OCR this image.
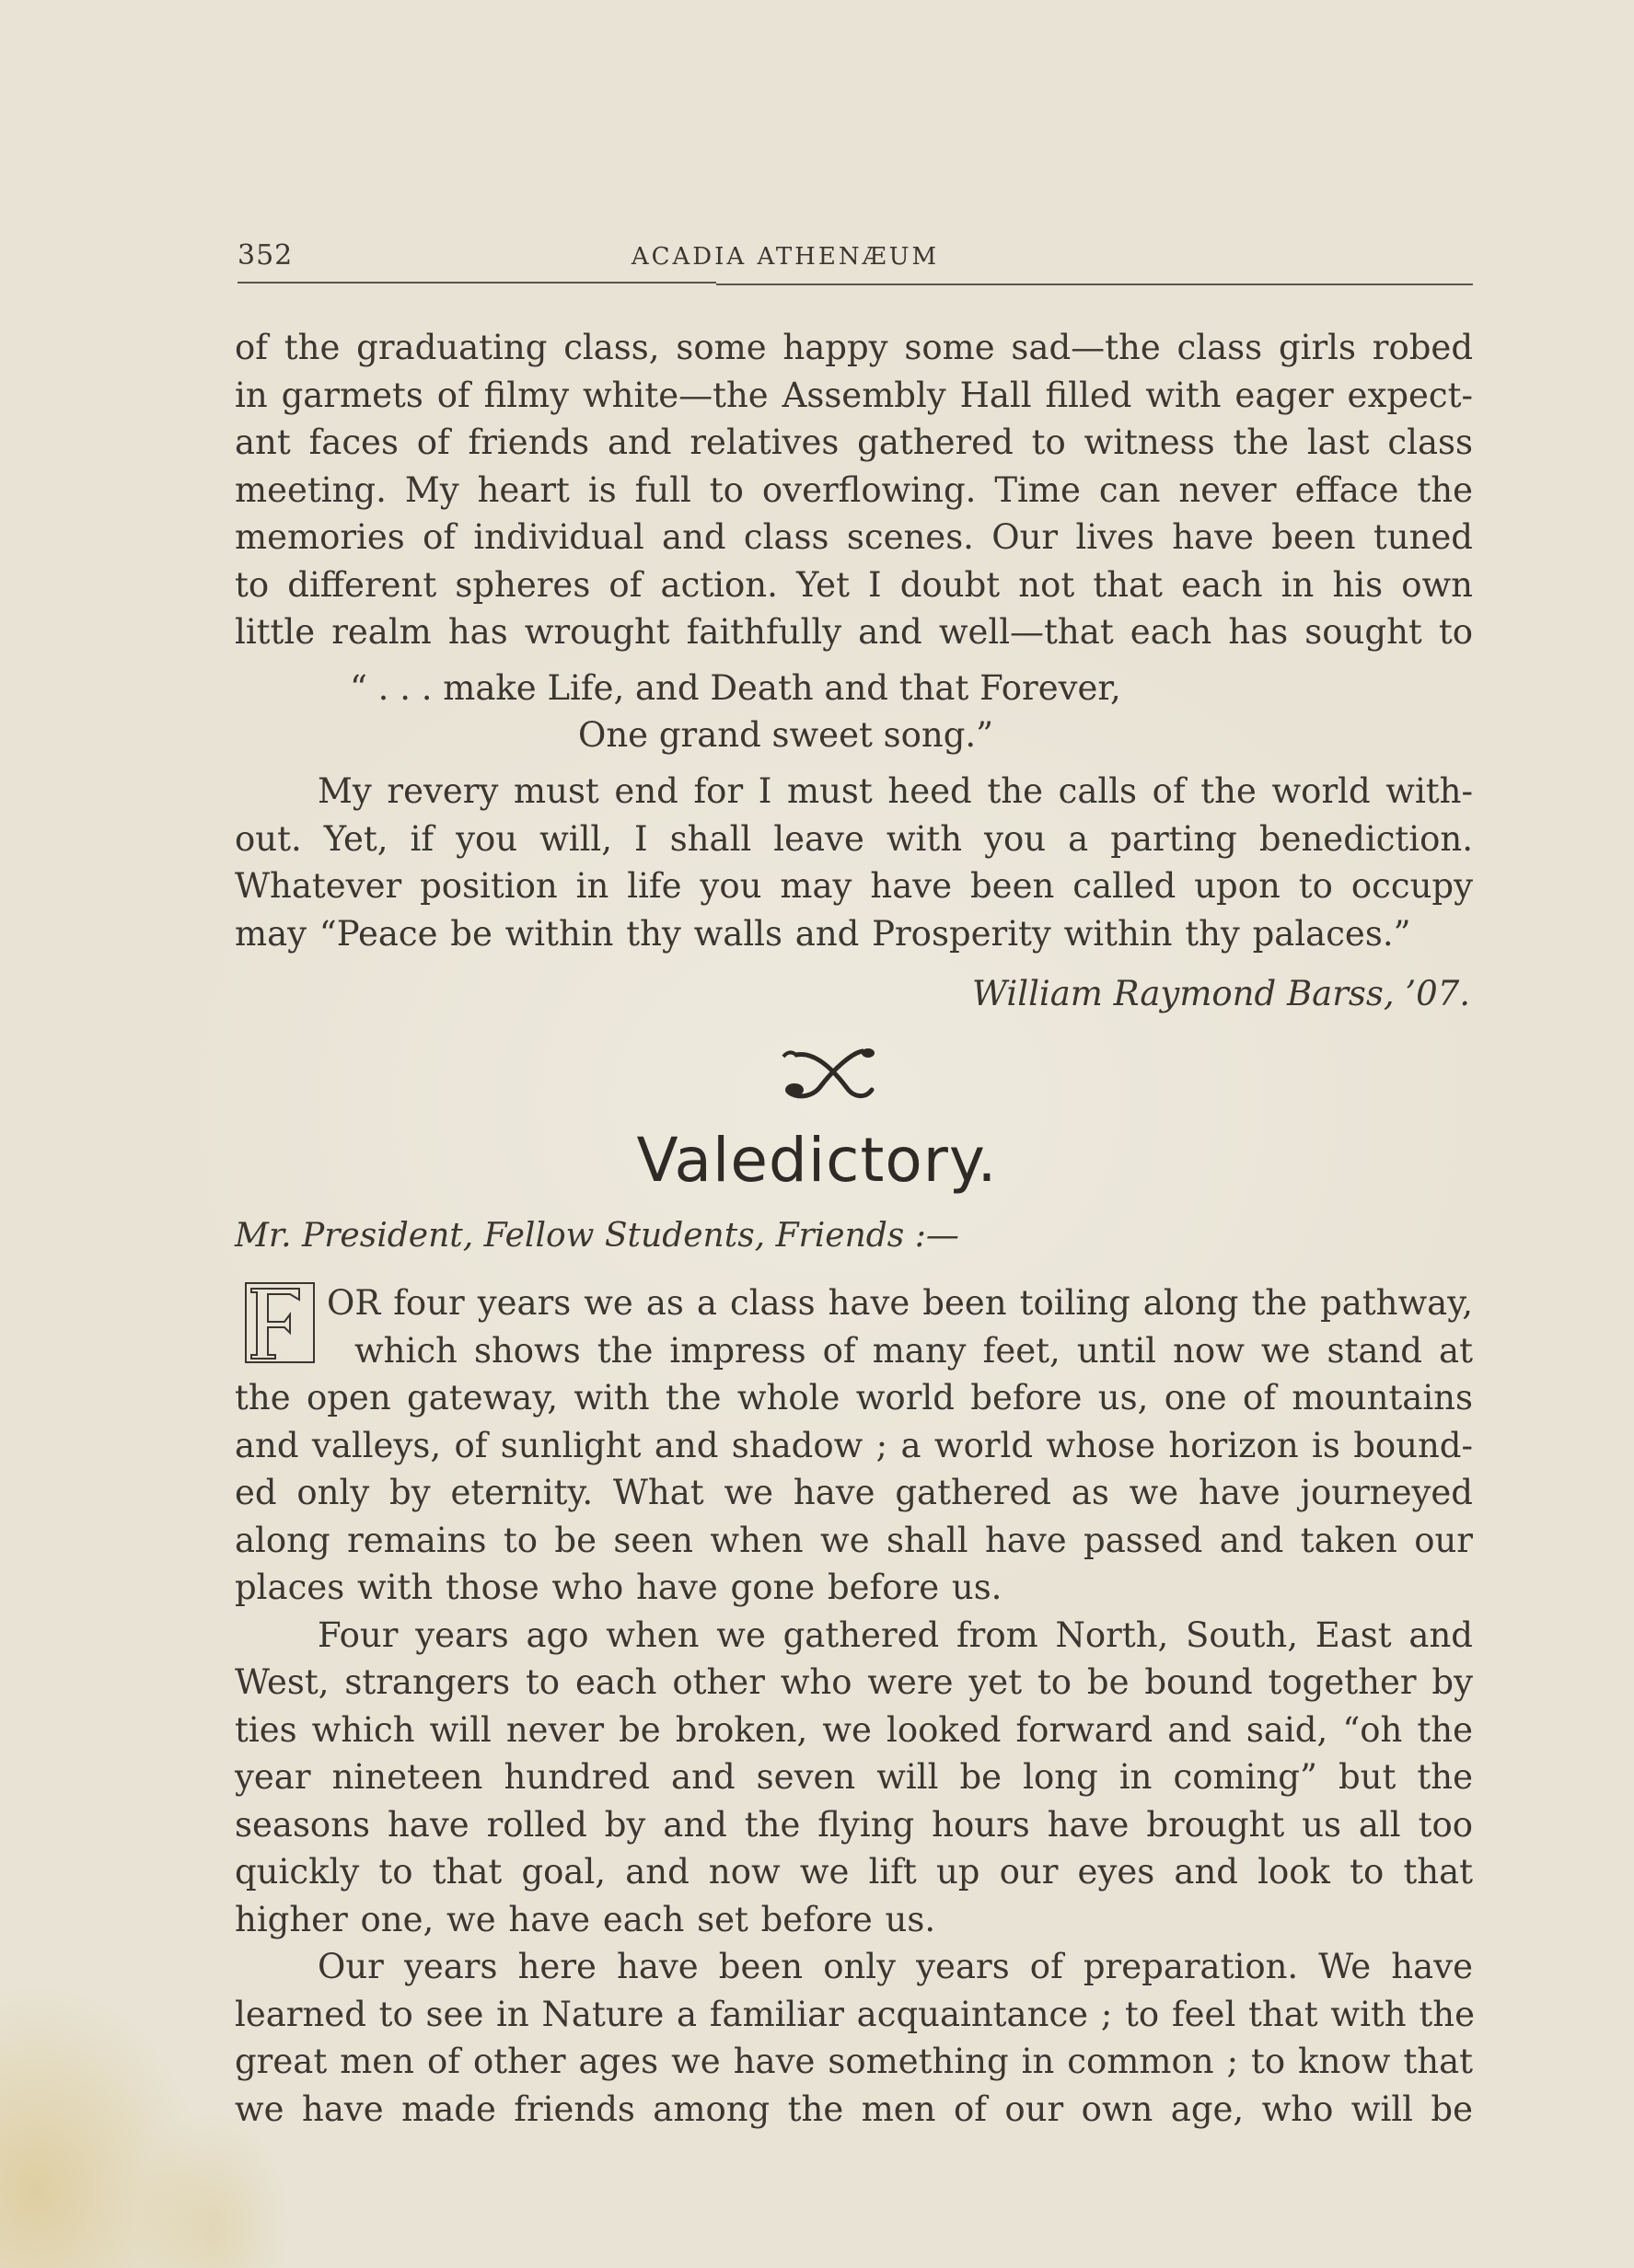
352	ACADIA ATHENÆUM
of the graduating class, some happy some sad—the class girls robed
in garmets of filmy white—the Assembly Hall filled with eager expect-
ant faces of friends and relatives gathered to witness the last class
meeting. My heart is full to overflowing. Time can never efface the
memories of individual and class scenes. Our lives have been tuned
to different spheres of action. Yet I doubt not that each in his own
little realm has wrought faithfully and well—that each has sought to
“ . . . make Life, and Death and that Forever,
One grand sweet song.”
My revery must end for I must heed the calls of the world with-
out. Yet, if you will, I shall leave with you a parting benediction.
Whatever position in life you may have been called upon to occupy
may “Peace be within thy walls and Prosperity within thy palaces.”
William Raymond Barss, ’07.
Valedictory.
Mr. President, Fellow Students, Friends :—
OR four years we as a class have been toiling along the pathway,
which shows the impress of many feet, until now we stand at
the open gateway, with the whole world before us, one of mountains
and valleys, of sunlight and shadow ; a world whose horizon is bound-
ed only by eternity. What we have gathered as we have journeyed
along remains to be seen when we shall have passed and taken our
places with those who have gone before us.
Four years ago when we gathered from North, South, East and
West, strangers to each other who were yet to be bound together by
ties which will never be broken, we looked forward and said, “oh the
year nineteen hundred and seven will be long in coming” but the
seasons have rolled by and the flying hours have brought us all too
quickly to that goal, and now we lift up our eyes and look to that
higher one, we have each set before us.
Our years here have been only years of preparation. We have
learned to see in Nature a familiar acquaintance ; to feel that with the
great men of other ages we have something in common ; to know that
we have made friends among the men of our own age, who will be
